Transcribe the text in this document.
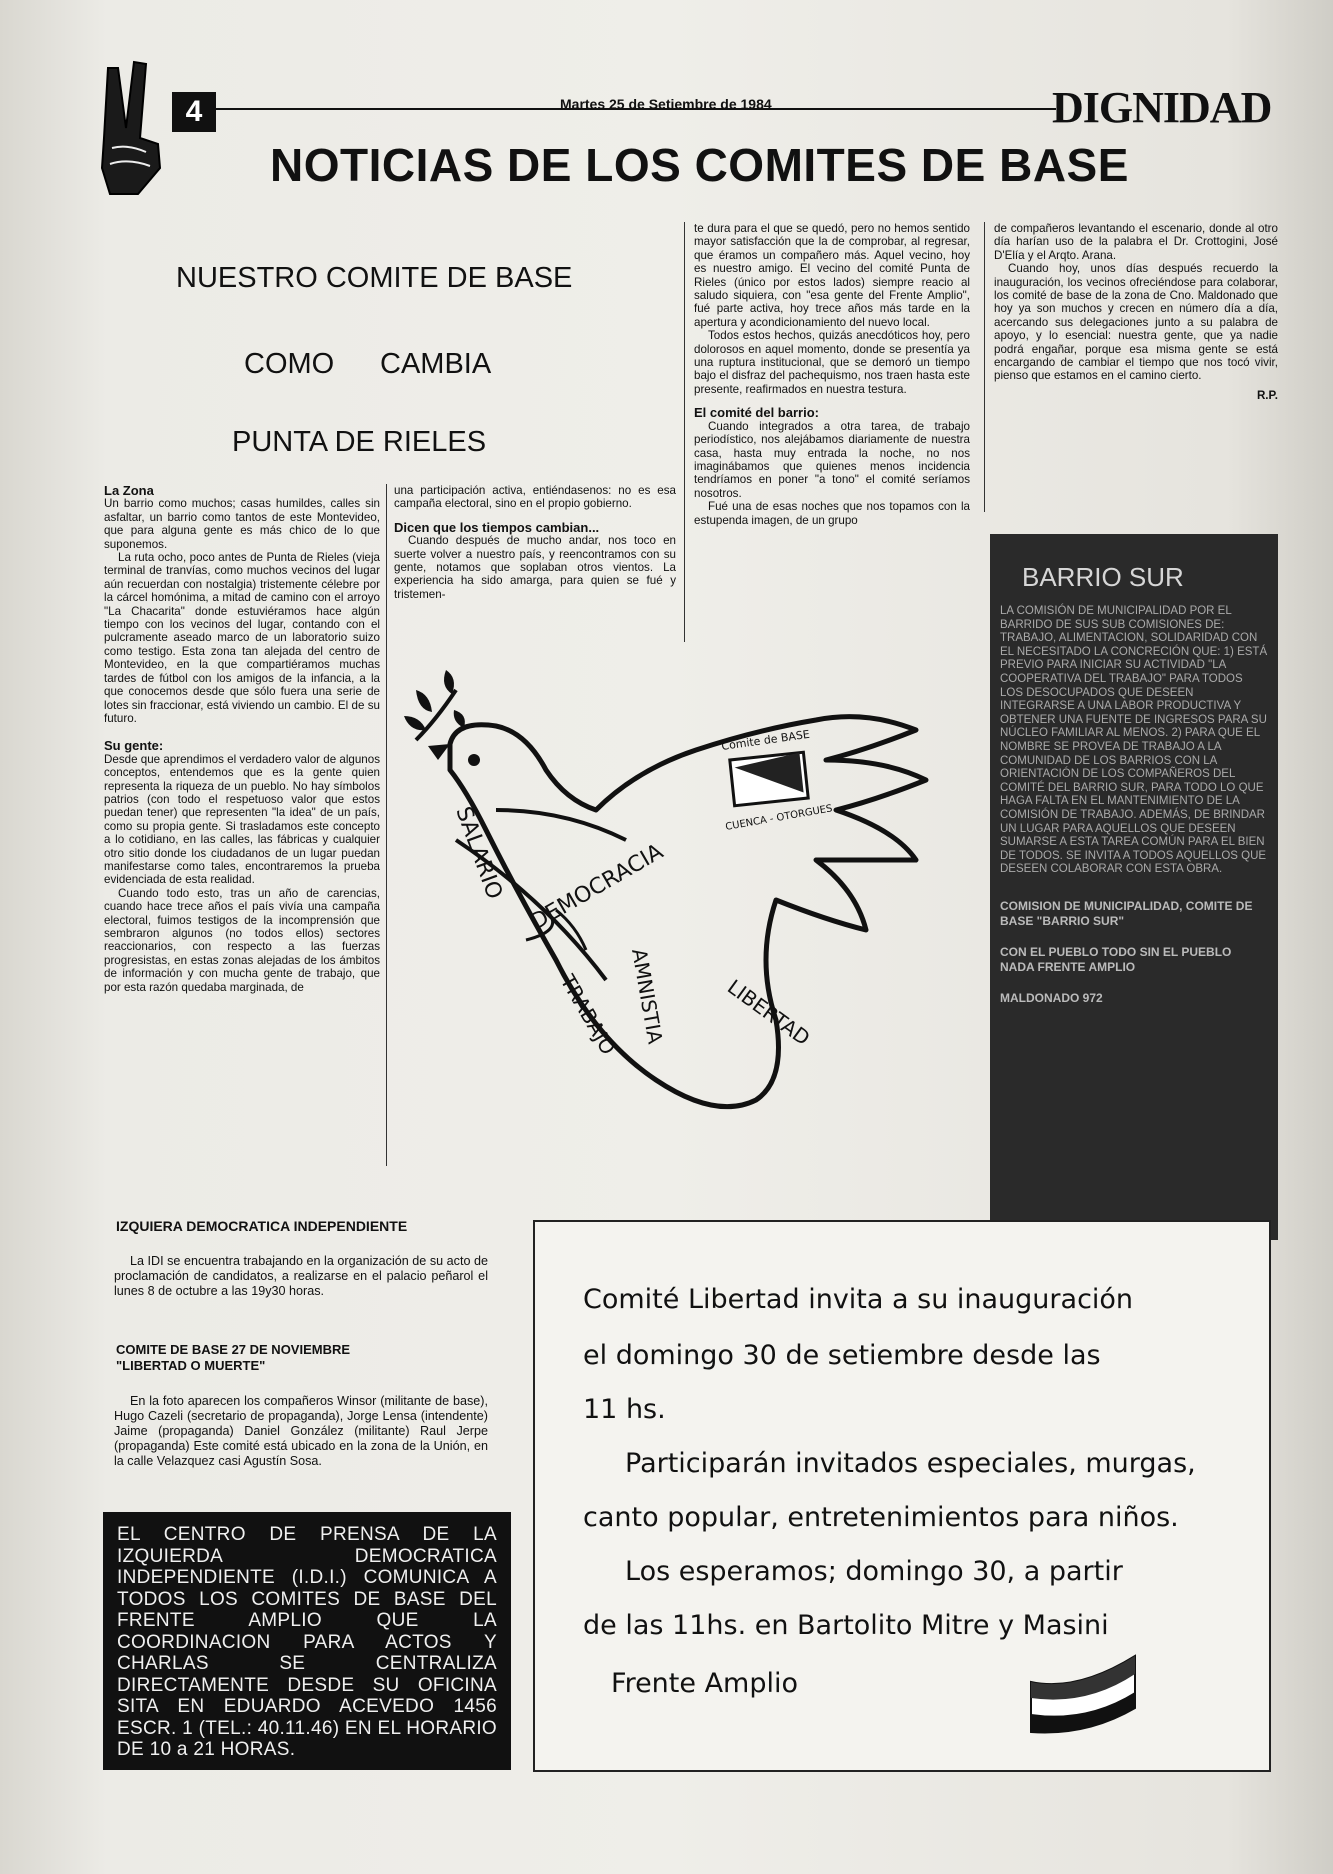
4	Martes 25 de Setiembre de 1984	DIGNIDAD
NOTICIAS DE LOS COMITES DE BASE
NUESTRO COMITE DE BASE
COMO CAMBIA
PUNTA DE RIELES

La Zona

Un barrio como muchos; casas humildes, calles sin asfaltar, un barrio como tantos de este Montevideo, que para alguna gente es más chico de lo que suponemos.

La ruta ocho, poco antes de Punta de Rieles (vieja terminal de tranvías, como muchos vecinos del lugar aún recuerdan con nostalgia) tristemente célebre por la cárcel homónima, a mitad de camino con el arroyo "La Chacarita" donde estuviéramos hace algún tiempo con los vecinos del lugar, contando con el pulcramente aseado marco de un laboratorio suizo como testigo. Esta zona tan alejada del centro de Montevideo, en la que compartiéramos muchas tardes de fútbol con los amigos de la infancia, a la que conocemos desde que sólo fuera una serie de lotes sin fraccionar, está viviendo un cambio. El de su futuro.

Su gente:

Desde que aprendimos el verdadero valor de algunos conceptos, entendemos que es la gente quien representa la riqueza de un pueblo. No hay símbolos patrios (con todo el respetuoso valor que estos puedan tener) que representen "la idea" de un país, como su propia gente. Si trasladamos este concepto a lo cotidiano, en las calles, las fábricas y cualquier otro sitio donde los ciudadanos de un lugar puedan manifestarse como tales, encontraremos la prueba evidenciada de esta realidad.

Cuando todo esto, tras un año de carencias, cuando hace trece años el país vivía una campaña electoral, fuimos testigos de la incomprensión que sembraron algunos (no todos ellos) sectores reaccionarios, con respecto a las fuerzas progresistas, en estas zonas alejadas de los ámbitos de información y con mucha gente de trabajo, que por esta razón quedaba marginada, de

una participación activa, entiéndasenos: no es esa campaña electoral, sino en el propio gobierno.

Dicen que los tiempos cambian...

Cuando después de mucho andar, nos toco en suerte volver a nuestro país, y reencontramos con su gente, notamos que soplaban otros vientos. La experiencia ha sido amarga, para quien se fué y tristemen-

te dura para el que se quedó, pero no hemos sentido mayor satisfacción que la de comprobar, al regresar, que éramos un compañero más. Aquel vecino, hoy es nuestro amigo. El vecino del comité Punta de Rieles (único por estos lados) siempre reacio al saludo siquiera, con "esa gente del Frente Amplio", fué parte activa, hoy trece años más tarde en la apertura y acondicionamiento del nuevo local.

Todos estos hechos, quizás anecdóticos hoy, pero dolorosos en aquel momento, donde se presentía ya una ruptura institucional, que se demoró un tiempo bajo el disfraz del pachequismo, nos traen hasta este presente, reafirmados en nuestra testura.

El comité del barrio:

Cuando integrados a otra tarea, de trabajo periodístico, nos alejábamos diariamente de nuestra casa, hasta muy entrada la noche, no nos imaginábamos que quienes menos incidencia tendríamos en poner "a tono" el comité seríamos nosotros.

Fué una de esas noches que nos topamos con la estupenda imagen, de un grupo

de compañeros levantando el escenario, donde al otro día harían uso de la palabra el Dr. Crottogini, José D'Elía y el Arqto. Arana.

Cuando hoy, unos días después recuerdo la inauguración, los vecinos ofreciéndose para colaborar, los comité de base de la zona de Cno. Maldonado que hoy ya son muchos y crecen en número día a día, acercando sus delegaciones junto a su palabra de apoyo, y lo esencial: nuestra gente, que ya nadie podrá engañar, porque esa misma gente se está encargando de cambiar el tiempo que nos tocó vivir, pienso que estamos en el camino cierto.

R.P.

SALARIO DEMOCRACIA
TRABAJO AMNISTIA	LIBERTAD
Comite de BASE
CUENCA - OTORGUES
BARRIO SUR
LA COMISIÓN DE MUNICIPALIDAD POR EL BARRIDO DE SUS SUB COMISIONES DE: TRABAJO, ALIMENTACION, SOLIDARIDAD CON EL NECESITADO LA CONCRECIÓN QUE: 1) ESTÁ PREVIO PARA INICIAR SU ACTIVIDAD "LA COOPERATIVA DEL TRABAJO" PARA TODOS LOS DESOCUPADOS QUE DESEEN INTEGRARSE A UNA LABOR PRODUCTIVA Y OBTENER UNA FUENTE DE INGRESOS PARA SU NÚCLEO FAMILIAR AL MENOS. 2) PARA QUE EL NOMBRE SE PROVEA DE TRABAJO A LA COMUNIDAD DE LOS BARRIOS CON LA ORIENTACIÓN DE LOS COMPAÑEROS DEL COMITÉ DEL BARRIO SUR, PARA TODO LO QUE HAGA FALTA EN EL MANTENIMIENTO DE LA COMISIÓN DE TRABAJO. ADEMÁS, DE BRINDAR UN LUGAR PARA AQUELLOS QUE DESEEN SUMARSE A ESTA TAREA COMÚN PARA EL BIEN DE TODOS. SE INVITA A TODOS AQUELLOS QUE DESEEN COLABORAR CON ESTA OBRA.
COMISION DE MUNICIPALIDAD, COMITE DE BASE "BARRIO SUR"
CON EL PUEBLO TODO SIN EL PUEBLO NADA FRENTE AMPLIO
MALDONADO 972
IZQUIERA DEMOCRATICA INDEPENDIENTE
La IDI se encuentra trabajando en la organización de su acto de proclamación de candidatos, a realizarse en el palacio peñarol el lunes 8 de octubre a las 19y30 horas.
COMITE DE BASE 27 DE NOVIEMBRE
"LIBERTAD O MUERTE"
En la foto aparecen los compañeros Winsor (militante de base), Hugo Cazeli (secretario de propaganda), Jorge Lensa (intendente) Jaime (propaganda) Daniel González (militante) Raul Jerpe (propaganda) Este comité está ubicado en la zona de la Unión, en la calle Velazquez casi Agustín Sosa.
EL CENTRO DE PRENSA DE LA IZQUIERDA DEMOCRATICA INDEPENDIENTE (I.D.I.) COMUNICA A TODOS LOS COMITES DE BASE DEL FRENTE AMPLIO QUE LA COORDINACION PARA ACTOS Y CHARLAS SE CENTRALIZA DIRECTAMENTE DESDE SU OFICINA SITA EN EDUARDO ACEVEDO 1456 ESCR. 1 (TEL.: 40.11.46) EN EL HORARIO DE 10 a 21 HORAS.
Comité Libertad invita a su inauguración
el domingo 30 de setiembre desde las
11 hs.
Participarán invitados especiales, murgas,
canto popular, entretenimientos para niños.
Los esperamos; domingo 30, a partir
de las 11hs. en Bartolito Mitre y Masini
Frente Amplio
